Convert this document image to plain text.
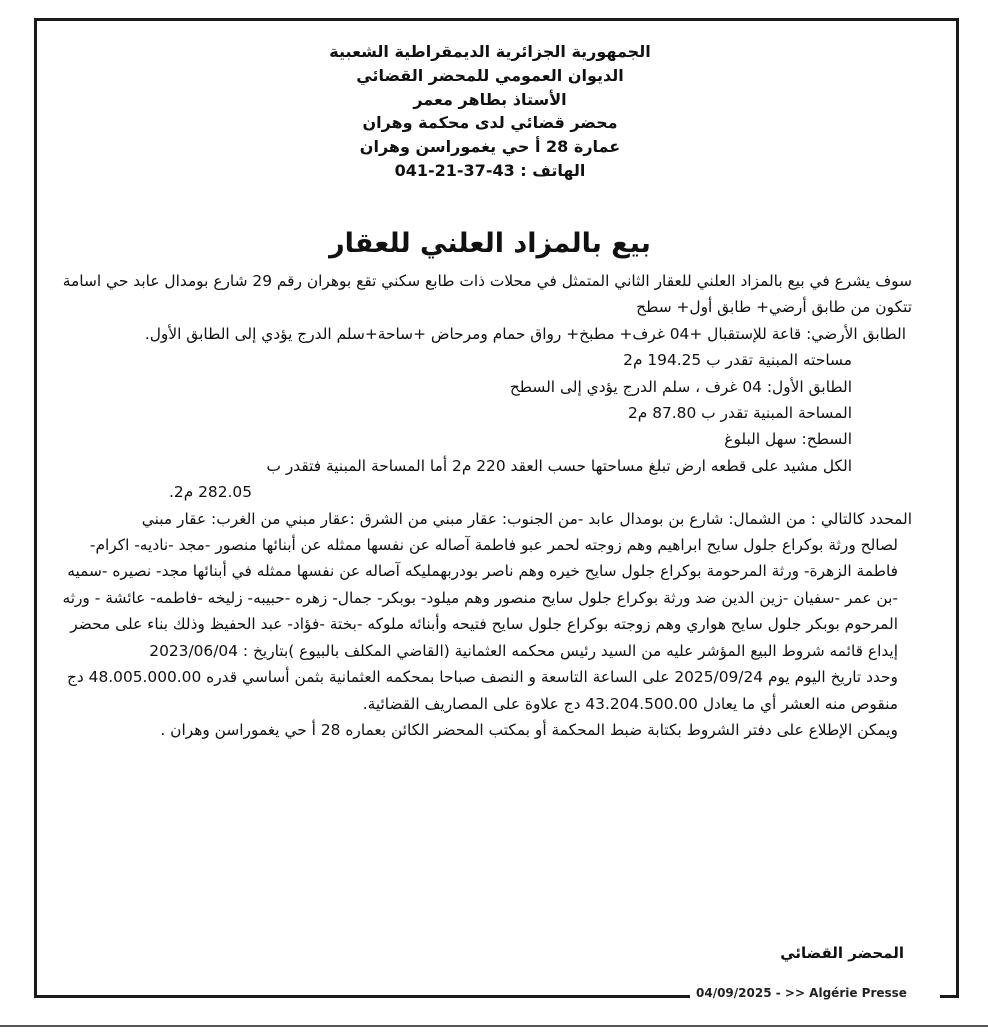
04/09/2025 - >> Algérie Presse
الجمهورية الجزائرية الديمقراطية الشعبية
الديوان العمومي للمحضر القضائي
الأستاذ بطاهر معمر
محضر قضائي لدى محكمة وهران
عمارة 28 أ حي يغموراسن وهران
الهاتف : 43-37-21-041
بيع بالمزاد العلني للعقار

سوف يشرع في بيع بالمزاد العلني للعقار الثاني المتمثل في محلات ذات طابع سكني تقع بوهران رقم 29 شارع بومدال عابد حي اسامة تتكون من طابق أرضي+ طابق أول+ سطح

الطابق الأرضي: قاعة للإستقبال +04 غرف+ مطبخ+ رواق حمام ومرحاض +ساحة+سلم الدرج يؤدي إلى الطابق الأول.

مساحته المبنية تقدر ب 194.25 م2

الطابق الأول: 04 غرف ، سلم الدرج يؤدي إلى السطح

المساحة المبنية تقدر ب 87.80 م2

السطح: سهل البلوغ

الكل مشيد على قطعه ارض تبلغ مساحتها حسب العقد 220 م2 أما المساحة المبنية فتقدر ب

282.05 م2.

المحدد كالتالي : من الشمال: شارع بن بومدال عابد -من الجنوب: عقار مبني من الشرق :عقار مبني من الغرب: عقار مبني

لصالح ورثة بوكراع جلول سايح ابراهيم وهم زوجته لحمر عبو فاطمة آصاله عن نفسها ممثله عن أبنائها منصور -مجد -ناديه- اكرام- فاطمة الزهرة- ورثة المرحومة بوكراع جلول سايح خيره وهم ناصر بودربهمليكه آصاله عن نفسها ممثله في أبنائها مجد- نصيره -سميه -بن عمر -سفيان -زين الدين ضد ورثة بوكراع جلول سايح منصور وهم ميلود- بوبكر- جمال- زهره -حبيبه- زليخه -فاطمه- عائشة - ورثه المرحوم بوبكر جلول سايح هواري وهم زوجته بوكراع جلول سايح فتيحه وأبنائه ملوكه -بختة -فؤاد- عبد الحفيظ وذلك بناء على محضر إيداع قائمه شروط البيع المؤشر عليه من السيد رئيس محكمه العثمانية (القاضي المكلف بالبيوع )بتاريخ : 2023/06/04

وحدد تاريخ اليوم يوم 2025/09/24 على الساعة التاسعة و النصف صباحا بمحكمه العثمانية بثمن أساسي قدره 48.005.000.00 دج منقوص منه العشر أي ما يعادل 43.204.500.00 دج علاوة على المصاريف القضائية.

ويمكن الإطلاع على دفتر الشروط بكتابة ضبط المحكمة أو بمكتب المحضر الكائن بعماره 28 أ حي يغموراسن وهران .

المحضر القضائي
